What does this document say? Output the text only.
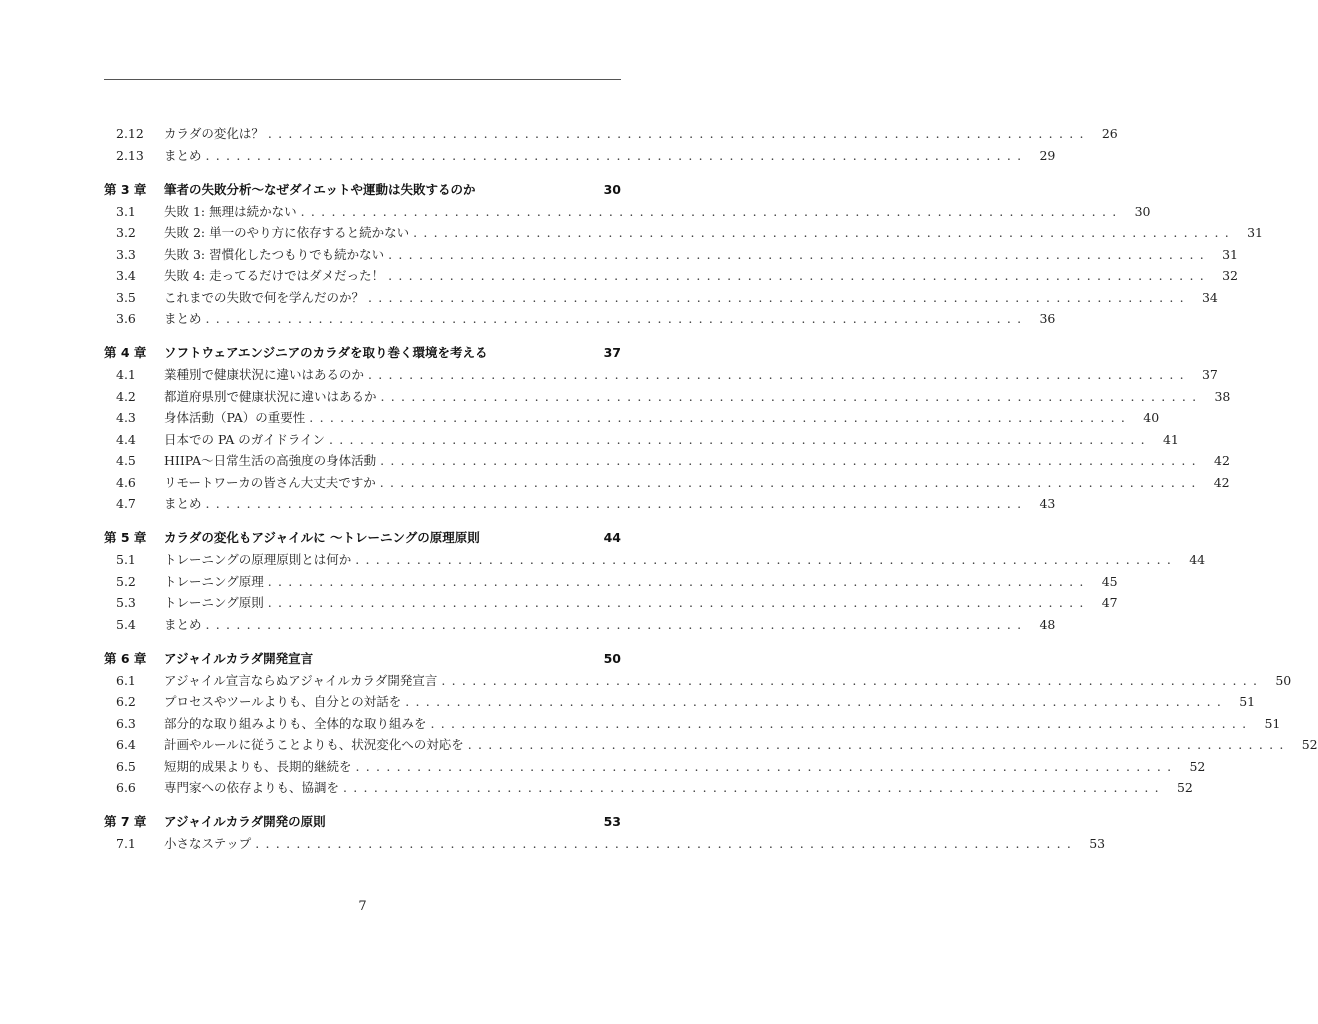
2.12	カラダの変化は？ ................................................................................ 26
2.13	まとめ ................................................................................ 29
第 3 章	筆者の失敗分析〜なぜダイエットや運動は失敗するのか	30
3.1	失敗 1: 無理は続かない ................................................................................ 30
3.2	失敗 2: 単一のやり方に依存すると続かない ................................................................................ 31
3.3	失敗 3: 習慣化したつもりでも続かない ................................................................................ 31
3.4	失敗 4: 走ってるだけではダメだった！ ................................................................................ 32
3.5	これまでの失敗で何を学んだのか？ ................................................................................ 34
3.6	まとめ ................................................................................ 36
第 4 章	ソフトウェアエンジニアのカラダを取り巻く環境を考える	37
4.1	業種別で健康状況に違いはあるのか ................................................................................ 37
4.2	都道府県別で健康状況に違いはあるか ................................................................................ 38
4.3	身体活動（PA）の重要性 ................................................................................ 40
4.4	日本での PA のガイドライン ................................................................................ 41
4.5	HIIPA〜日常生活の高強度の身体活動 ................................................................................ 42
4.6	リモートワーカの皆さん大丈夫ですか ................................................................................ 42
4.7	まとめ ................................................................................ 43
第 5 章	カラダの変化もアジャイルに 〜トレーニングの原理原則	44
5.1	トレーニングの原理原則とは何か ................................................................................ 44
5.2	トレーニング原理 ................................................................................ 45
5.3	トレーニング原則 ................................................................................ 47
5.4	まとめ ................................................................................ 48
第 6 章	アジャイルカラダ開発宣言	50
6.1	アジャイル宣言ならぬアジャイルカラダ開発宣言 ................................................................................ 50
6.2	プロセスやツールよりも、自分との対話を ................................................................................ 51
6.3	部分的な取り組みよりも、全体的な取り組みを ................................................................................ 51
6.4	計画やルールに従うことよりも、状況変化への対応を ................................................................................ 52
6.5	短期的成果よりも、長期的継続を ................................................................................ 52
6.6	専門家への依存よりも、協調を ................................................................................ 52
第 7 章	アジャイルカラダ開発の原則	53
7.1	小さなステップ ................................................................................ 53
7
